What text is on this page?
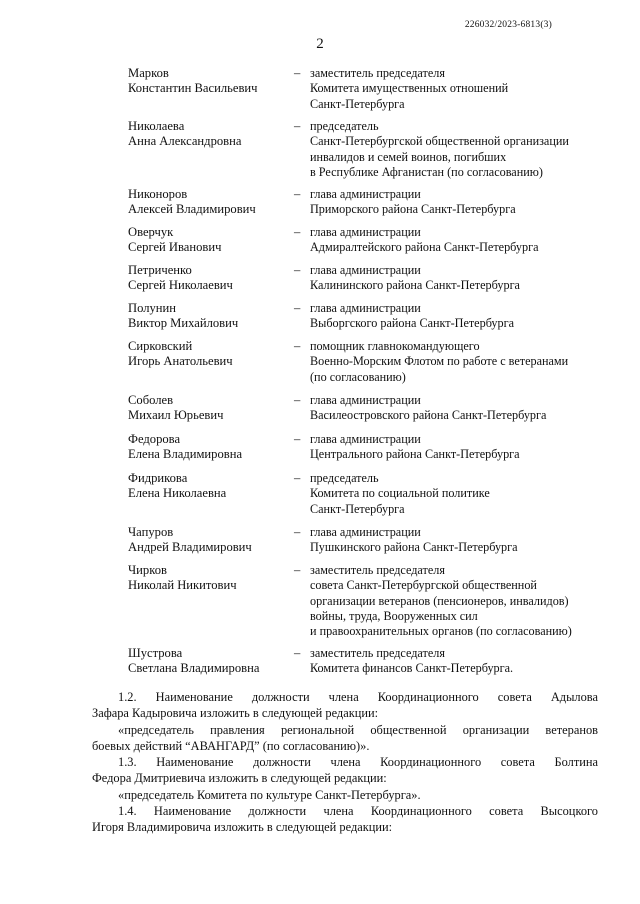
226032/2023-6813(3)
2
Марков
Константин Васильевич
– заместитель председателя
Комитета имущественных отношений
Санкт-Петербурга
Николаева
Анна Александровна
– председатель
Санкт-Петербургской общественной организации
инвалидов и семей воинов, погибших
в Республике Афганистан (по согласованию)
Никоноров
Алексей Владимирович
– глава администрации
Приморского района Санкт-Петербурга
Оверчук
Сергей Иванович
– глава администрации
Адмиралтейского района Санкт-Петербурга
Петриченко
Сергей Николаевич
– глава администрации
Калининского района Санкт-Петербурга
Полунин
Виктор Михайлович
– глава администрации
Выборгского района Санкт-Петербурга
Сирковский
Игорь Анатольевич
– помощник главнокомандующего
Военно-Морским Флотом по работе с ветеранами
(по согласованию)
Соболев
Михаил Юрьевич
– глава администрации
Василеостровского района Санкт-Петербурга
Федорова
Елена Владимировна
– глава администрации
Центрального района Санкт-Петербурга
Фидрикова
Елена Николаевна
– председатель
Комитета по социальной политике
Санкт-Петербурга
Чапуров
Андрей Владимирович
– глава администрации
Пушкинского района Санкт-Петербурга
Чирков
Николай Никитович
– заместитель председателя
совета Санкт-Петербургской общественной
организации ветеранов (пенсионеров, инвалидов)
войны, труда, Вооруженных сил
и правоохранительных органов (по согласованию)
Шустрова
Светлана Владимировна
– заместитель председателя
Комитета финансов Санкт-Петербурга.

1.2. Наименование должности члена Координационного совета Адылова

Зафара Кадыровича изложить в следующей редакции:

«председатель правления региональной общественной организации ветеранов

боевых действий “АВАНГАРД” (по согласованию)».

1.3. Наименование должности члена Координационного совета Болтина

Федора Дмитриевича изложить в следующей редакции:

«председатель Комитета по культуре Санкт-Петербурга».

1.4. Наименование должности члена Координационного совета Высоцкого

Игоря Владимировича изложить в следующей редакции:
